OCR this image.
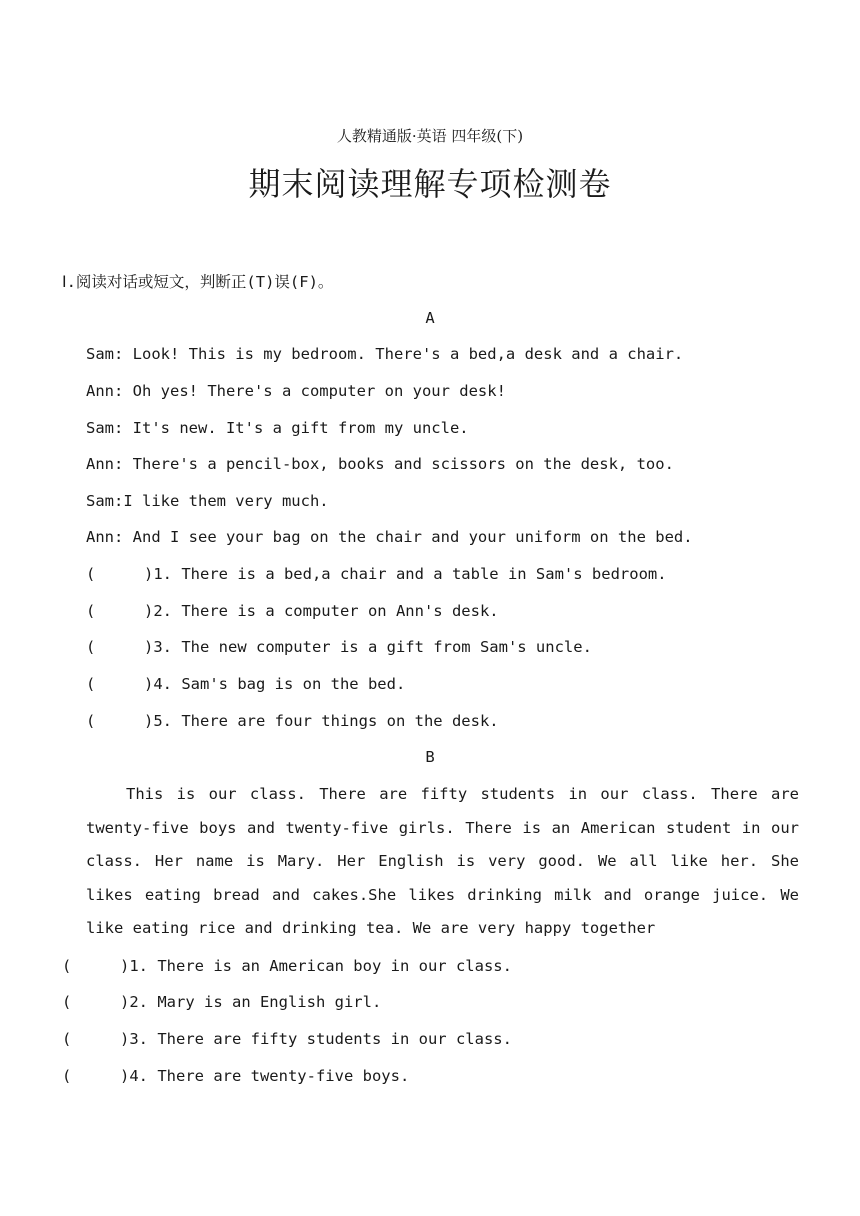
人教精通版·英语 四年级(下)
期末阅读理解专项检测卷
Ⅰ.阅读对话或短文，判断正(T)误(F)。
A
Sam: Look! This is my bedroom. There's a bed,a desk and a chair.
Ann: Oh yes! There's a computer on your desk!
Sam: It's new. It's a gift from my uncle.
Ann: There's a pencil-box, books and scissors on the desk, too.
Sam:I like them very much.
Ann: And I see your bag on the chair and your uniform on the bed.
(	)1. There is a bed,a chair and a table in Sam's bedroom.
(	)2. There is a computer on Ann's desk.
(	)3. The new computer is a gift from Sam's uncle.
(	)4. Sam's bag is on the bed.
(	)5. There are four things on the desk.
B
This is our class. There are fifty students in our class. There are twenty-five boys and twenty-five girls. There is an American student in our class. Her name is Mary. Her English is very good. We all like her. She likes eating bread and cakes.She likes drinking milk and orange juice. We like eating rice and drinking tea. We are very happy together
(	)1. There is an American boy in our class.
(	)2. Mary is an English girl.
(	)3. There are fifty students in our class.
(	)4. There are twenty-five boys.
